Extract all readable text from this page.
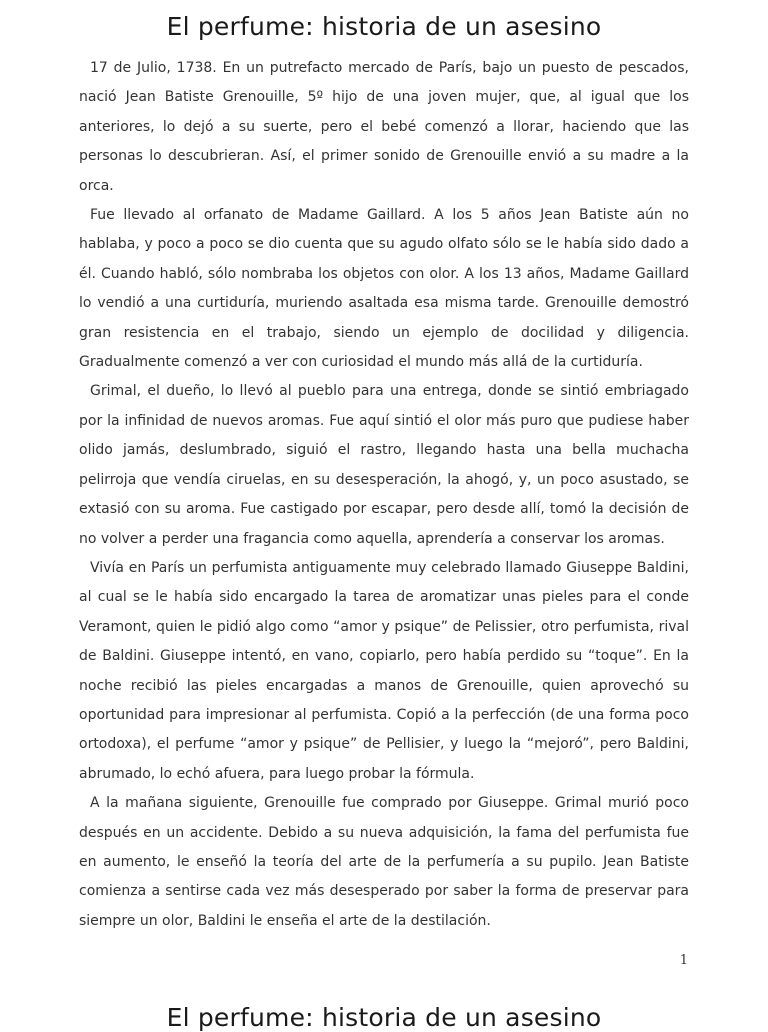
El perfume: historia de un asesino

17 de Julio, 1738. En un putrefacto mercado de París, bajo un puesto de pescados, nació Jean Batiste Grenouille, 5º hijo de una joven mujer, que, al igual que los anteriores, lo dejó a su suerte, pero el bebé comenzó a llorar, haciendo que las personas lo descubrieran. Así, el primer sonido de Grenouille envió a su madre a la orca.

Fue llevado al orfanato de Madame Gaillard. A los 5 años Jean Batiste aún no hablaba, y poco a poco se dio cuenta que su agudo olfato sólo se le había sido dado a él. Cuando habló, sólo nombraba los objetos con olor. A los 13 años, Madame Gaillard lo vendió a una curtiduría, muriendo asaltada esa misma tarde. Grenouille demostró gran resistencia en el trabajo, siendo un ejemplo de docilidad y diligencia. Gradualmente comenzó a ver con curiosidad el mundo más allá de la curtiduría.

Grimal, el dueño, lo llevó al pueblo para una entrega, donde se sintió embriagado por la infinidad de nuevos aromas. Fue aquí sintió el olor más puro que pudiese haber olido jamás, deslumbrado, siguió el rastro, llegando hasta una bella muchacha pelirroja que vendía ciruelas, en su desesperación, la ahogó, y, un poco asustado, se extasió con su aroma. Fue castigado por escapar, pero desde allí, tomó la decisión de no volver a perder una fragancia como aquella, aprendería a conservar los aromas.

Vivía en París un perfumista antiguamente muy celebrado llamado Giuseppe Baldini, al cual se le había sido encargado la tarea de aromatizar unas pieles para el conde Veramont, quien le pidió algo como “amor y psique” de Pelissier, otro perfumista, rival de Baldini. Giuseppe intentó, en vano, copiarlo, pero había perdido su “toque”. En la noche recibió las pieles encargadas a manos de Grenouille, quien aprovechó su oportunidad para impresionar al perfumista. Copió a la perfección (de una forma poco ortodoxa), el perfume “amor y psique” de Pellisier, y luego la “mejoró”, pero Baldini, abrumado, lo echó afuera, para luego probar la fórmula.

A la mañana siguiente, Grenouille fue comprado por Giuseppe. Grimal murió poco después en un accidente. Debido a su nueva adquisición, la fama del perfumista fue en aumento, le enseñó la teoría del arte de la perfumería a su pupilo. Jean Batiste comienza a sentirse cada vez más desesperado por saber la forma de preservar para siempre un olor, Baldini le enseña el arte de la destilación.

1
El perfume: historia de un asesino
